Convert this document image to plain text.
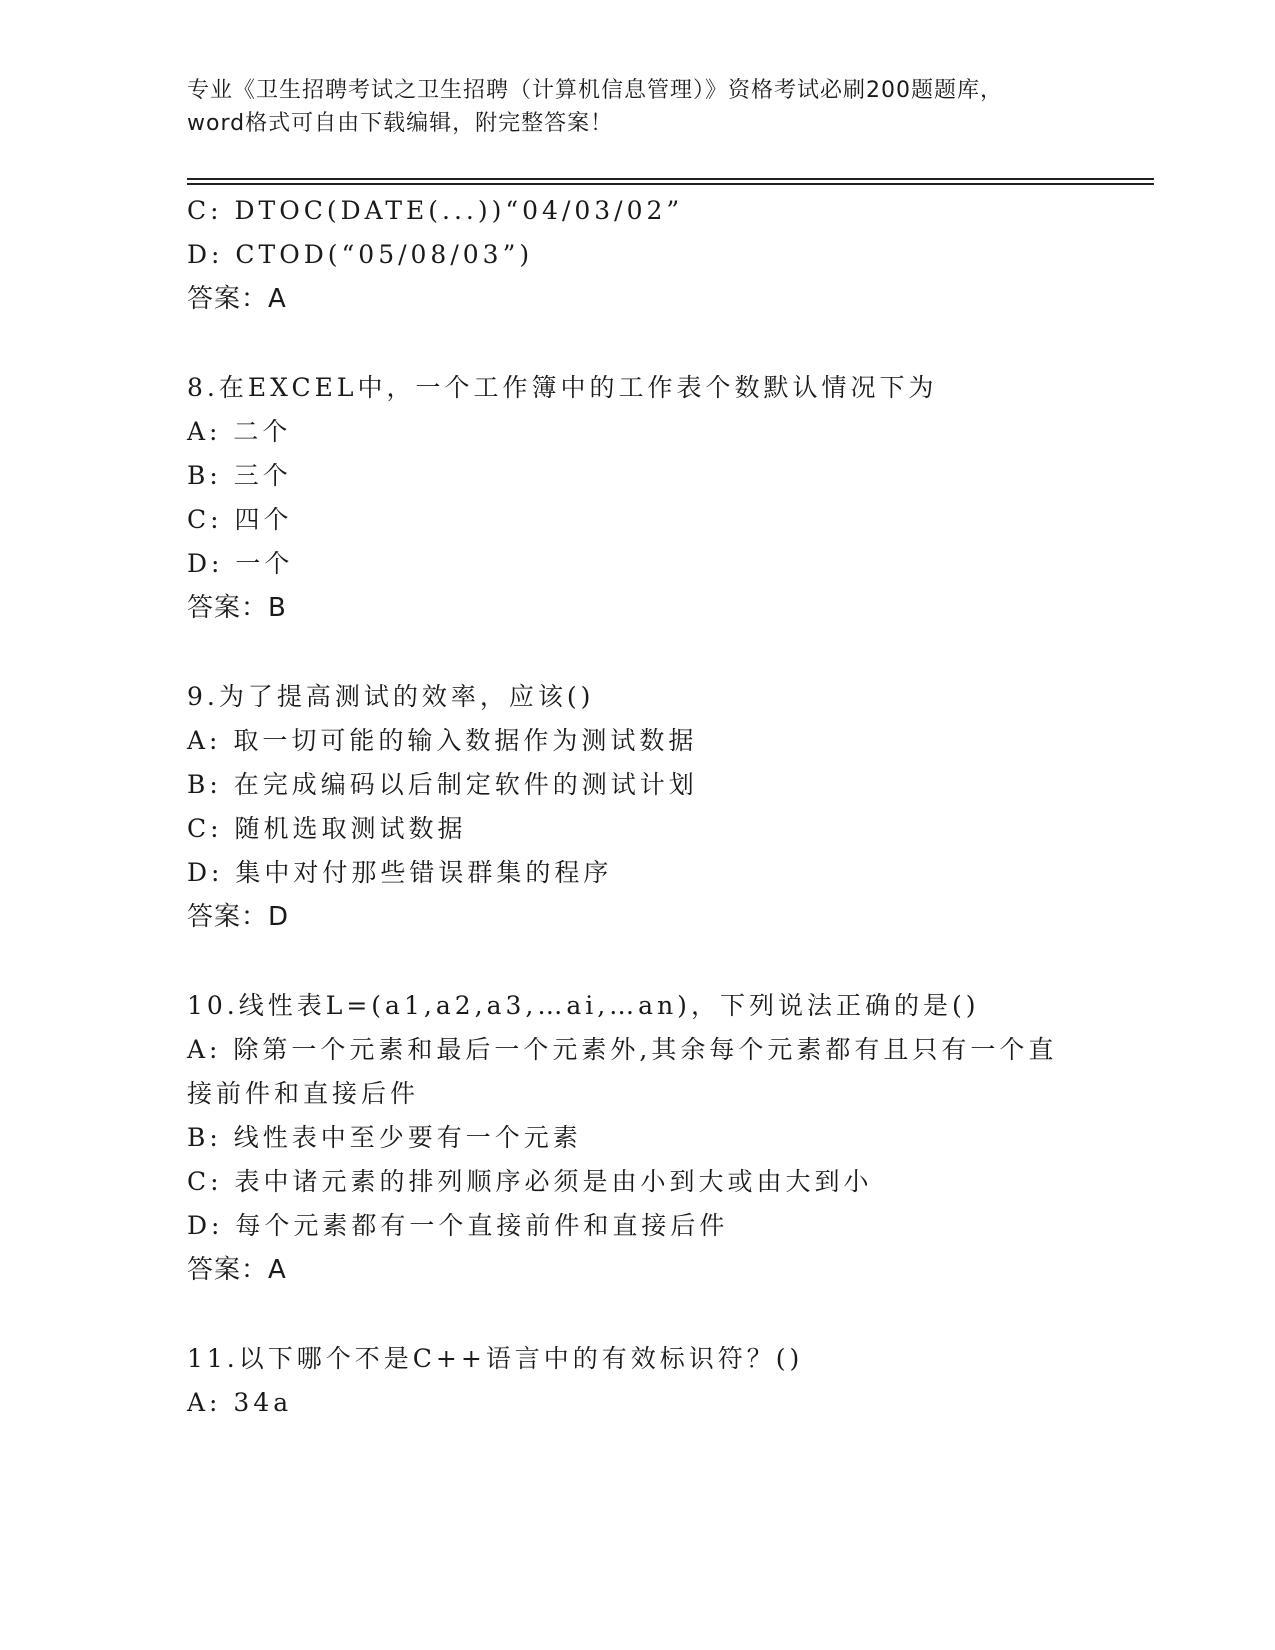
专业《卫生招聘考试之卫生招聘（计算机信息管理）》资格考试必刷200题题库，
word格式可自由下载编辑，附完整答案！
C: DTOC(DATE(...))“04/03/02”
D: CTOD(“05/08/03”)
答案：A
8.在EXCEL中，一个工作簿中的工作表个数默认情况下为
A: 二个
B: 三个
C: 四个
D: 一个
答案：B
9.为了提高测试的效率，应该()
A: 取一切可能的输入数据作为测试数据
B: 在完成编码以后制定软件的测试计划
C: 随机选取测试数据
D: 集中对付那些错误群集的程序
答案：D
10.线性表L=(a1,a2,a3,…ai,…an)，下列说法正确的是()
A: 除第一个元素和最后一个元素外,其余每个元素都有且只有一个直
接前件和直接后件
B: 线性表中至少要有一个元素
C: 表中诸元素的排列顺序必须是由小到大或由大到小
D: 每个元素都有一个直接前件和直接后件
答案：A
11.以下哪个不是C++语言中的有效标识符？()
A: 34a
